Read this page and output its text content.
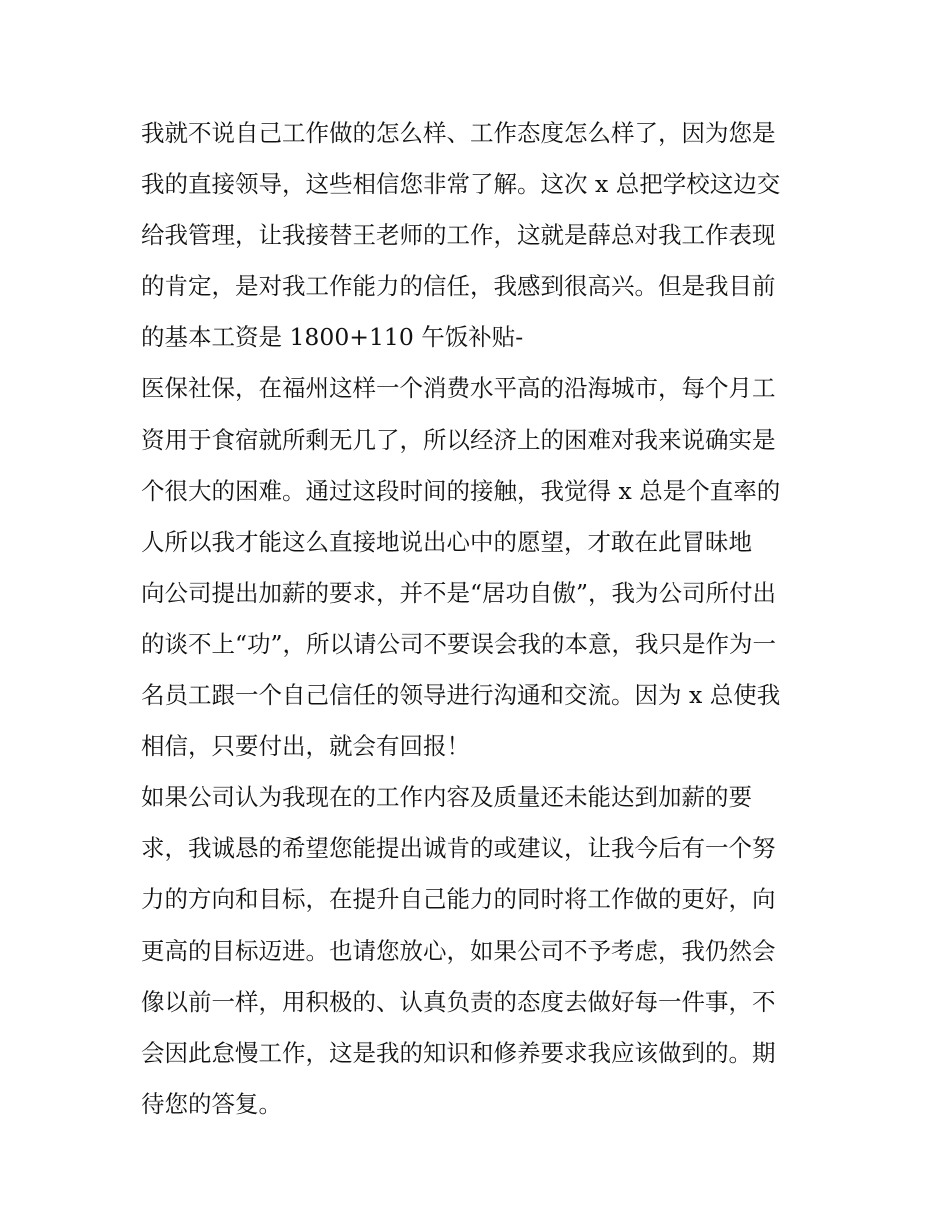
我就不说自己工作做的怎么样、工作态度怎么样了，因为您是
我的直接领导，这些相信您非常了解。这次 x 总把学校这边交
给我管理，让我接替王老师的工作，这就是薛总对我工作表现
的肯定，是对我工作能力的信任，我感到很高兴。但是我目前
的基本工资是 1800+110 午饭补贴-
医保社保，在福州这样一个消费水平高的沿海城市，每个月工
资用于食宿就所剩无几了，所以经济上的困难对我来说确实是
个很大的困难。通过这段时间的接触，我觉得 x 总是个直率的
人所以我才能这么直接地说出心中的愿望，才敢在此冒昧地
向公司提出加薪的要求，并不是“居功自傲”，我为公司所付出
的谈不上“功”，所以请公司不要误会我的本意，我只是作为一
名员工跟一个自己信任的领导进行沟通和交流。因为 x 总使我
相信，只要付出，就会有回报！
如果公司认为我现在的工作内容及质量还未能达到加薪的要
求，我诚恳的希望您能提出诚肯的或建议，让我今后有一个努
力的方向和目标，在提升自己能力的同时将工作做的更好，向
更高的目标迈进。也请您放心，如果公司不予考虑，我仍然会
像以前一样，用积极的、认真负责的态度去做好每一件事，不
会因此怠慢工作，这是我的知识和修养要求我应该做到的。期
待您的答复。
